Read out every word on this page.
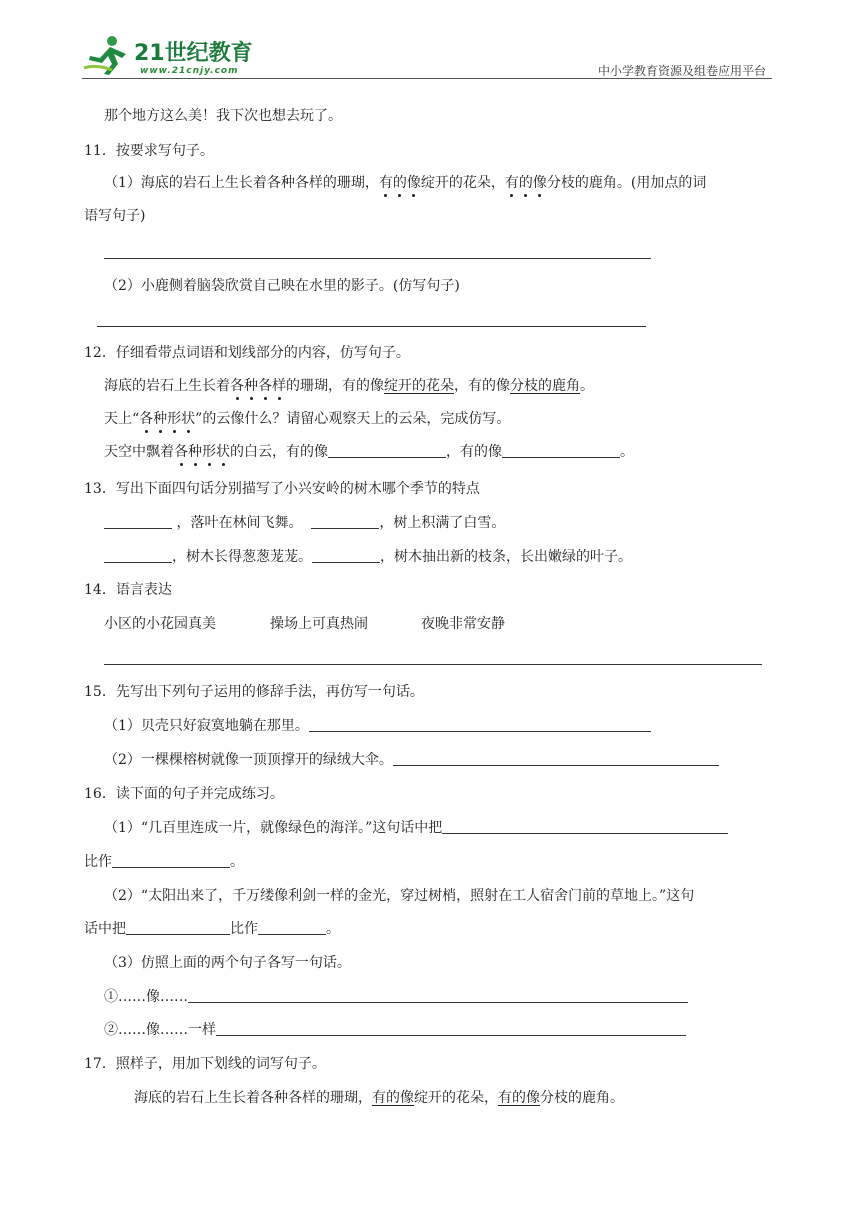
21世纪教育
www.21cnjy.com	中小学教育资源及组卷应用平台
那个地方这么美！我下次也想去玩了。
11．按要求写句子。
（1）海底的岩石上生长着各种各样的珊瑚，有的像绽开的花朵，有的像分枝的鹿角。(用加点的词
语写句子)
（2）小鹿侧着脑袋欣赏自己映在水里的影子。(仿写句子)
12．仔细看带点词语和划线部分的内容，仿写句子。
海底的岩石上生长着各种各样的珊瑚，有的像绽开的花朵，有的像分枝的鹿角。
天上“各种形状”的云像什么？请留心观察天上的云朵，完成仿写。
天空中飘着各种形状的白云，有的像	，有的像	。
13．写出下面四句话分别描写了小兴安岭的树木哪个季节的特点
，落叶在林间飞舞。	，树上积满了白雪。
，树木长得葱葱茏茏。	，树木抽出新的枝条，长出嫩绿的叶子。
14．语言表达
小区的小花园真美	操场上可真热闹	夜晚非常安静
15．先写出下列句子运用的修辞手法，再仿写一句话。
（1）贝壳只好寂寞地躺在那里。
（2）一棵棵榕树就像一顶顶撑开的绿绒大伞。
16．读下面的句子并完成练习。
（1）“几百里连成一片，就像绿色的海洋。”这句话中把
比作	。
（2）“太阳出来了，千万缕像利剑一样的金光，穿过树梢，照射在工人宿舍门前的草地上。”这句
话中把	比作	。
（3）仿照上面的两个句子各写一句话。
①……像……
②……像……一样
17．照样子，用加下划线的词写句子。
海底的岩石上生长着各种各样的珊瑚，有的像绽开的花朵，有的像分枝的鹿角。
